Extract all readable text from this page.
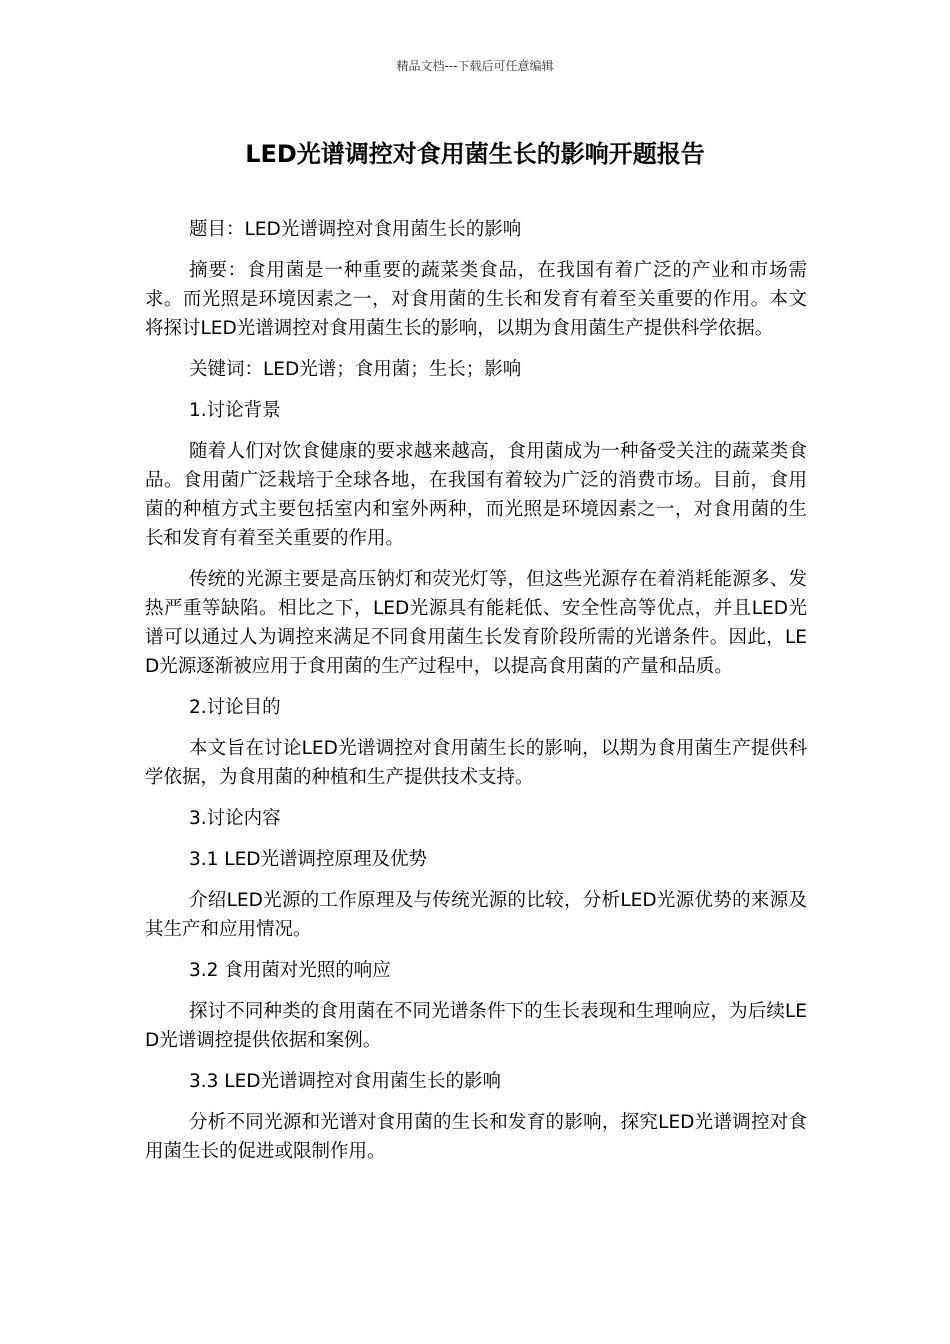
精品文档---下载后可任意编辑
LED光谱调控对食用菌生长的影响开题报告

题目：LED光谱调控对食用菌生长的影响

摘要：食用菌是一种重要的蔬菜类食品，在我国有着广泛的产业和市场需求。而光照是环境因素之一，对食用菌的生长和发育有着至关重要的作用。本文将探讨LED光谱调控对食用菌生长的影响，以期为食用菌生产提供科学依据。

关键词：LED光谱；食用菌；生长；影响

1.讨论背景

随着人们对饮食健康的要求越来越高，食用菌成为一种备受关注的蔬菜类食品。食用菌广泛栽培于全球各地，在我国有着较为广泛的消费市场。目前，食用菌的种植方式主要包括室内和室外两种，而光照是环境因素之一，对食用菌的生长和发育有着至关重要的作用。

传统的光源主要是高压钠灯和荧光灯等，但这些光源存在着消耗能源多、发热严重等缺陷。相比之下，LED光源具有能耗低、安全性高等优点，并且LED光谱可以通过人为调控来满足不同食用菌生长发育阶段所需的光谱条件。因此，LED光源逐渐被应用于食用菌的生产过程中，以提高食用菌的产量和品质。

2.讨论目的

本文旨在讨论LED光谱调控对食用菌生长的影响，以期为食用菌生产提供科学依据，为食用菌的种植和生产提供技术支持。

3.讨论内容

3.1 LED光谱调控原理及优势

介绍LED光源的工作原理及与传统光源的比较，分析LED光源优势的来源及其生产和应用情况。

3.2 食用菌对光照的响应

探讨不同种类的食用菌在不同光谱条件下的生长表现和生理响应，为后续LED光谱调控提供依据和案例。

3.3 LED光谱调控对食用菌生长的影响

分析不同光源和光谱对食用菌的生长和发育的影响，探究LED光谱调控对食用菌生长的促进或限制作用。
